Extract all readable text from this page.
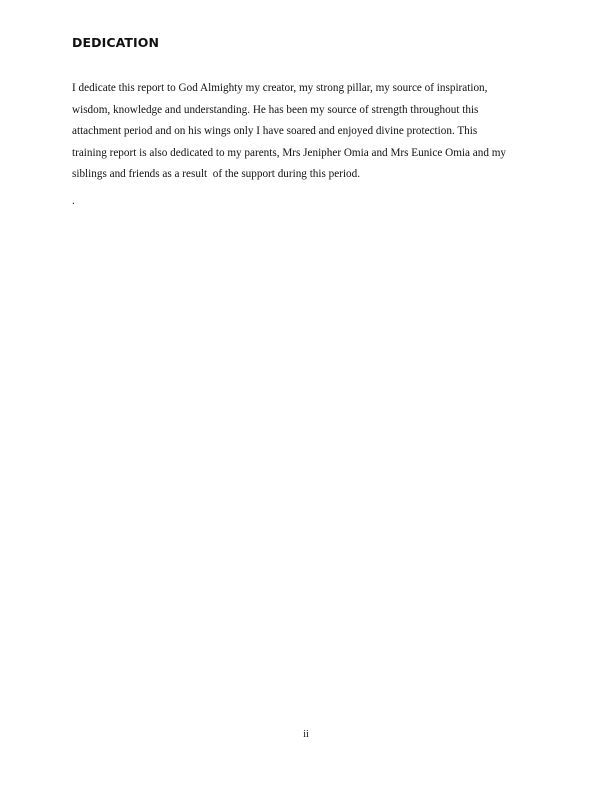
DEDICATION
I dedicate this report to God Almighty my creator, my strong pillar, my source of inspiration,
wisdom, knowledge and understanding. He has been my source of strength throughout this
attachment period and on his wings only I have soared and enjoyed divine protection. This
training report is also dedicated to my parents, Mrs Jenipher Omia and Mrs Eunice Omia and my
siblings and friends as a result  of the support during this period.
.
ii
